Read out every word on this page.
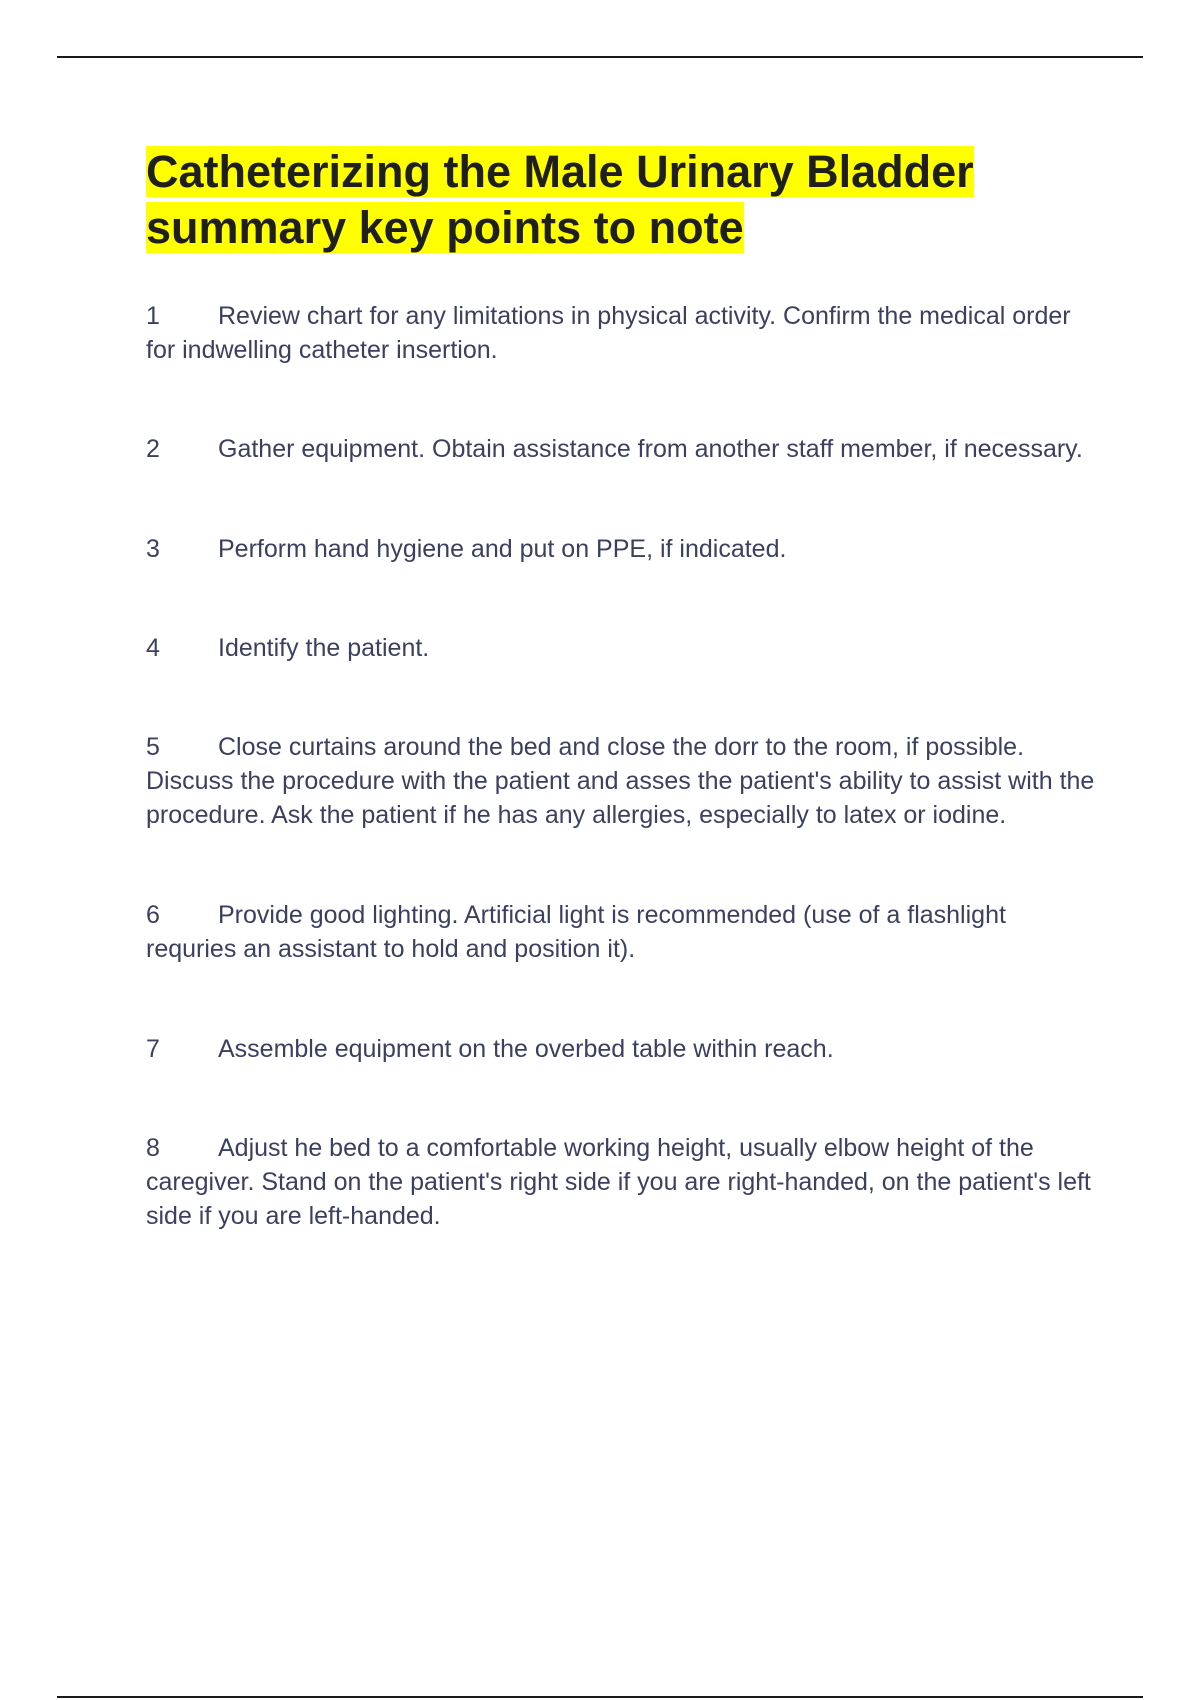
Catheterizing the Male Urinary Bladder
summary key points to note
1 Review chart for any limitations in physical activity. Confirm the medical order for indwelling catheter insertion.
2 Gather equipment. Obtain assistance from another staff member, if necessary.
3 Perform hand hygiene and put on PPE, if indicated.
4 Identify the patient.
5 Close curtains around the bed and close the dorr to the room, if possible. Discuss the procedure with the patient and asses the patient's ability to assist with the procedure. Ask the patient if he has any allergies, especially to latex or iodine.
6 Provide good lighting. Artificial light is recommended (use of a flashlight requries an assistant to hold and position it).
7 Assemble equipment on the overbed table within reach.
8 Adjust he bed to a comfortable working height, usually elbow height of the caregiver. Stand on the patient's right side if you are right-handed, on the patient's left side if you are left-handed.
